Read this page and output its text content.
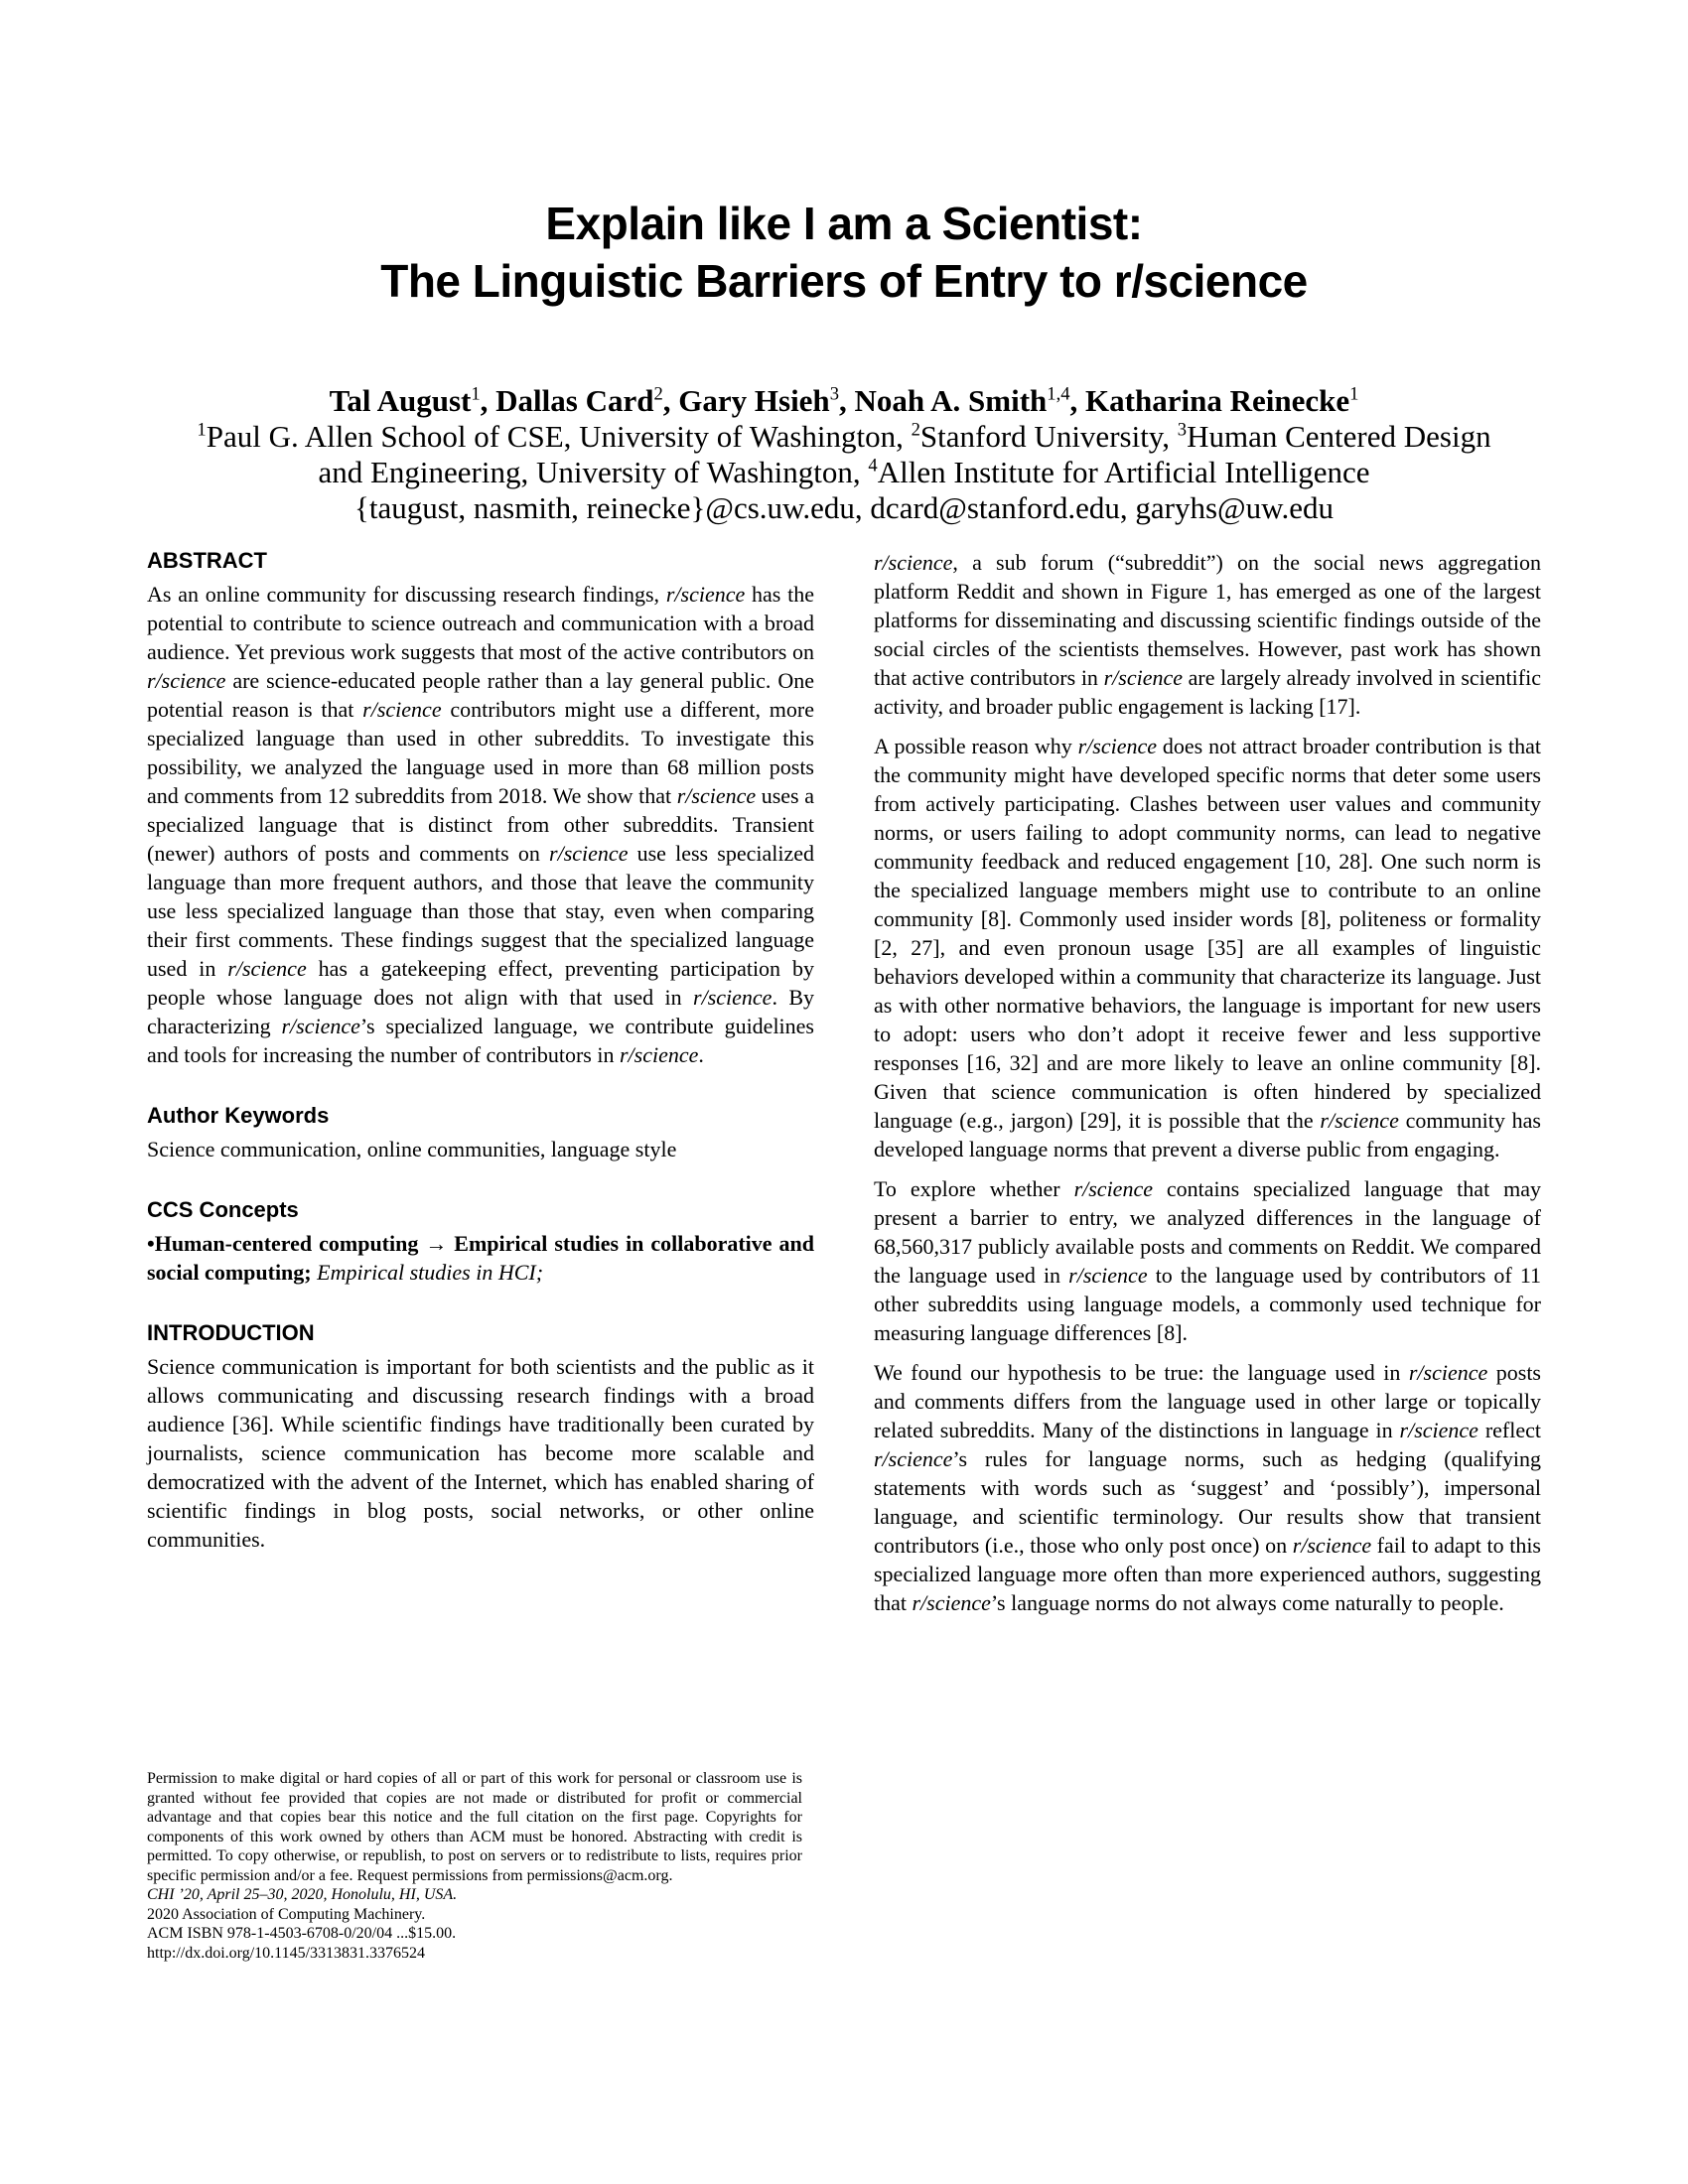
Explain like I am a Scientist:
The Linguistic Barriers of Entry to r/science
Tal August$^1$, Dallas Card$^2$, Gary Hsieh$^3$, Noah A. Smith$^{1,4}$, Katharina Reinecke$^1$
$^1$Paul G. Allen School of CSE, University of Washington, $^2$Stanford University, $^3$Human Centered Design
and Engineering, University of Washington, $^4$Allen Institute for Artificial Intelligence
{taugust, nasmith, reinecke}@cs.uw.edu, dcard@stanford.edu, garyhs@uw.edu
ABSTRACT

As an online community for discussing research findings, r/science has the potential to contribute to science outreach and communication with a broad audience. Yet previous work suggests that most of the active contributors on r/science are science-educated people rather than a lay general public. One potential reason is that r/science contributors might use a different, more specialized language than used in other subreddits. To investigate this possibility, we analyzed the language used in more than 68 million posts and comments from 12 subreddits from 2018. We show that r/science uses a specialized language that is distinct from other subreddits. Transient (newer) authors of posts and comments on r/science use less specialized language than more frequent authors, and those that leave the community use less specialized language than those that stay, even when comparing their first comments. These findings suggest that the specialized language used in r/science has a gatekeeping effect, preventing participation by people whose language does not align with that used in r/science. By characterizing r/science’s specialized language, we contribute guidelines and tools for increasing the number of contributors in r/science.

Author Keywords

Science communication, online communities, language style

CCS Concepts

•Human-centered computing → Empirical studies in collaborative and social computing; Empirical studies in HCI;

INTRODUCTION

Science communication is important for both scientists and the public as it allows communicating and discussing research findings with a broad audience [36]. While scientific findings have traditionally been curated by journalists, science communication has become more scalable and democratized with the advent of the Internet, which has enabled sharing of scientific findings in blog posts, social networks, or other online communities.

r/science, a sub forum (“subreddit”) on the social news aggregation platform Reddit and shown in Figure 1, has emerged as one of the largest platforms for disseminating and discussing scientific findings outside of the social circles of the scientists themselves. However, past work has shown that active contributors in r/science are largely already involved in scientific activity, and broader public engagement is lacking [17].

A possible reason why r/science does not attract broader contribution is that the community might have developed specific norms that deter some users from actively participating. Clashes between user values and community norms, or users failing to adopt community norms, can lead to negative community feedback and reduced engagement [10, 28]. One such norm is the specialized language members might use to contribute to an online community [8]. Commonly used insider words [8], politeness or formality [2, 27], and even pronoun usage [35] are all examples of linguistic behaviors developed within a community that characterize its language. Just as with other normative behaviors, the language is important for new users to adopt: users who don’t adopt it receive fewer and less supportive responses [16, 32] and are more likely to leave an online community [8]. Given that science communication is often hindered by specialized language (e.g., jargon) [29], it is possible that the r/science community has developed language norms that prevent a diverse public from engaging.

To explore whether r/science contains specialized language that may present a barrier to entry, we analyzed differences in the language of 68,560,317 publicly available posts and comments on Reddit. We compared the language used in r/science to the language used by contributors of 11 other subreddits using language models, a commonly used technique for measuring language differences [8].

We found our hypothesis to be true: the language used in r/science posts and comments differs from the language used in other large or topically related subreddits. Many of the distinctions in language in r/science reflect r/science’s rules for language norms, such as hedging (qualifying statements with words such as ‘suggest’ and ‘possibly’), impersonal language, and scientific terminology. Our results show that transient contributors (i.e., those who only post once) on r/science fail to adapt to this specialized language more often than more experienced authors, suggesting that r/science’s language norms do not always come naturally to people.

Permission to make digital or hard copies of all or part of this work for personal or classroom use is granted without fee provided that copies are not made or distributed for profit or commercial advantage and that copies bear this notice and the full citation on the first page. Copyrights for components of this work owned by others than ACM must be honored. Abstracting with credit is permitted. To copy otherwise, or republish, to post on servers or to redistribute to lists, requires prior specific permission and/or a fee. Request permissions from permissions@acm.org.
CHI ’20, April 25–30, 2020, Honolulu, HI, USA.
2020 Association of Computing Machinery.
ACM ISBN 978-1-4503-6708-0/20/04 ...$15.00.
http://dx.doi.org/10.1145/3313831.3376524
